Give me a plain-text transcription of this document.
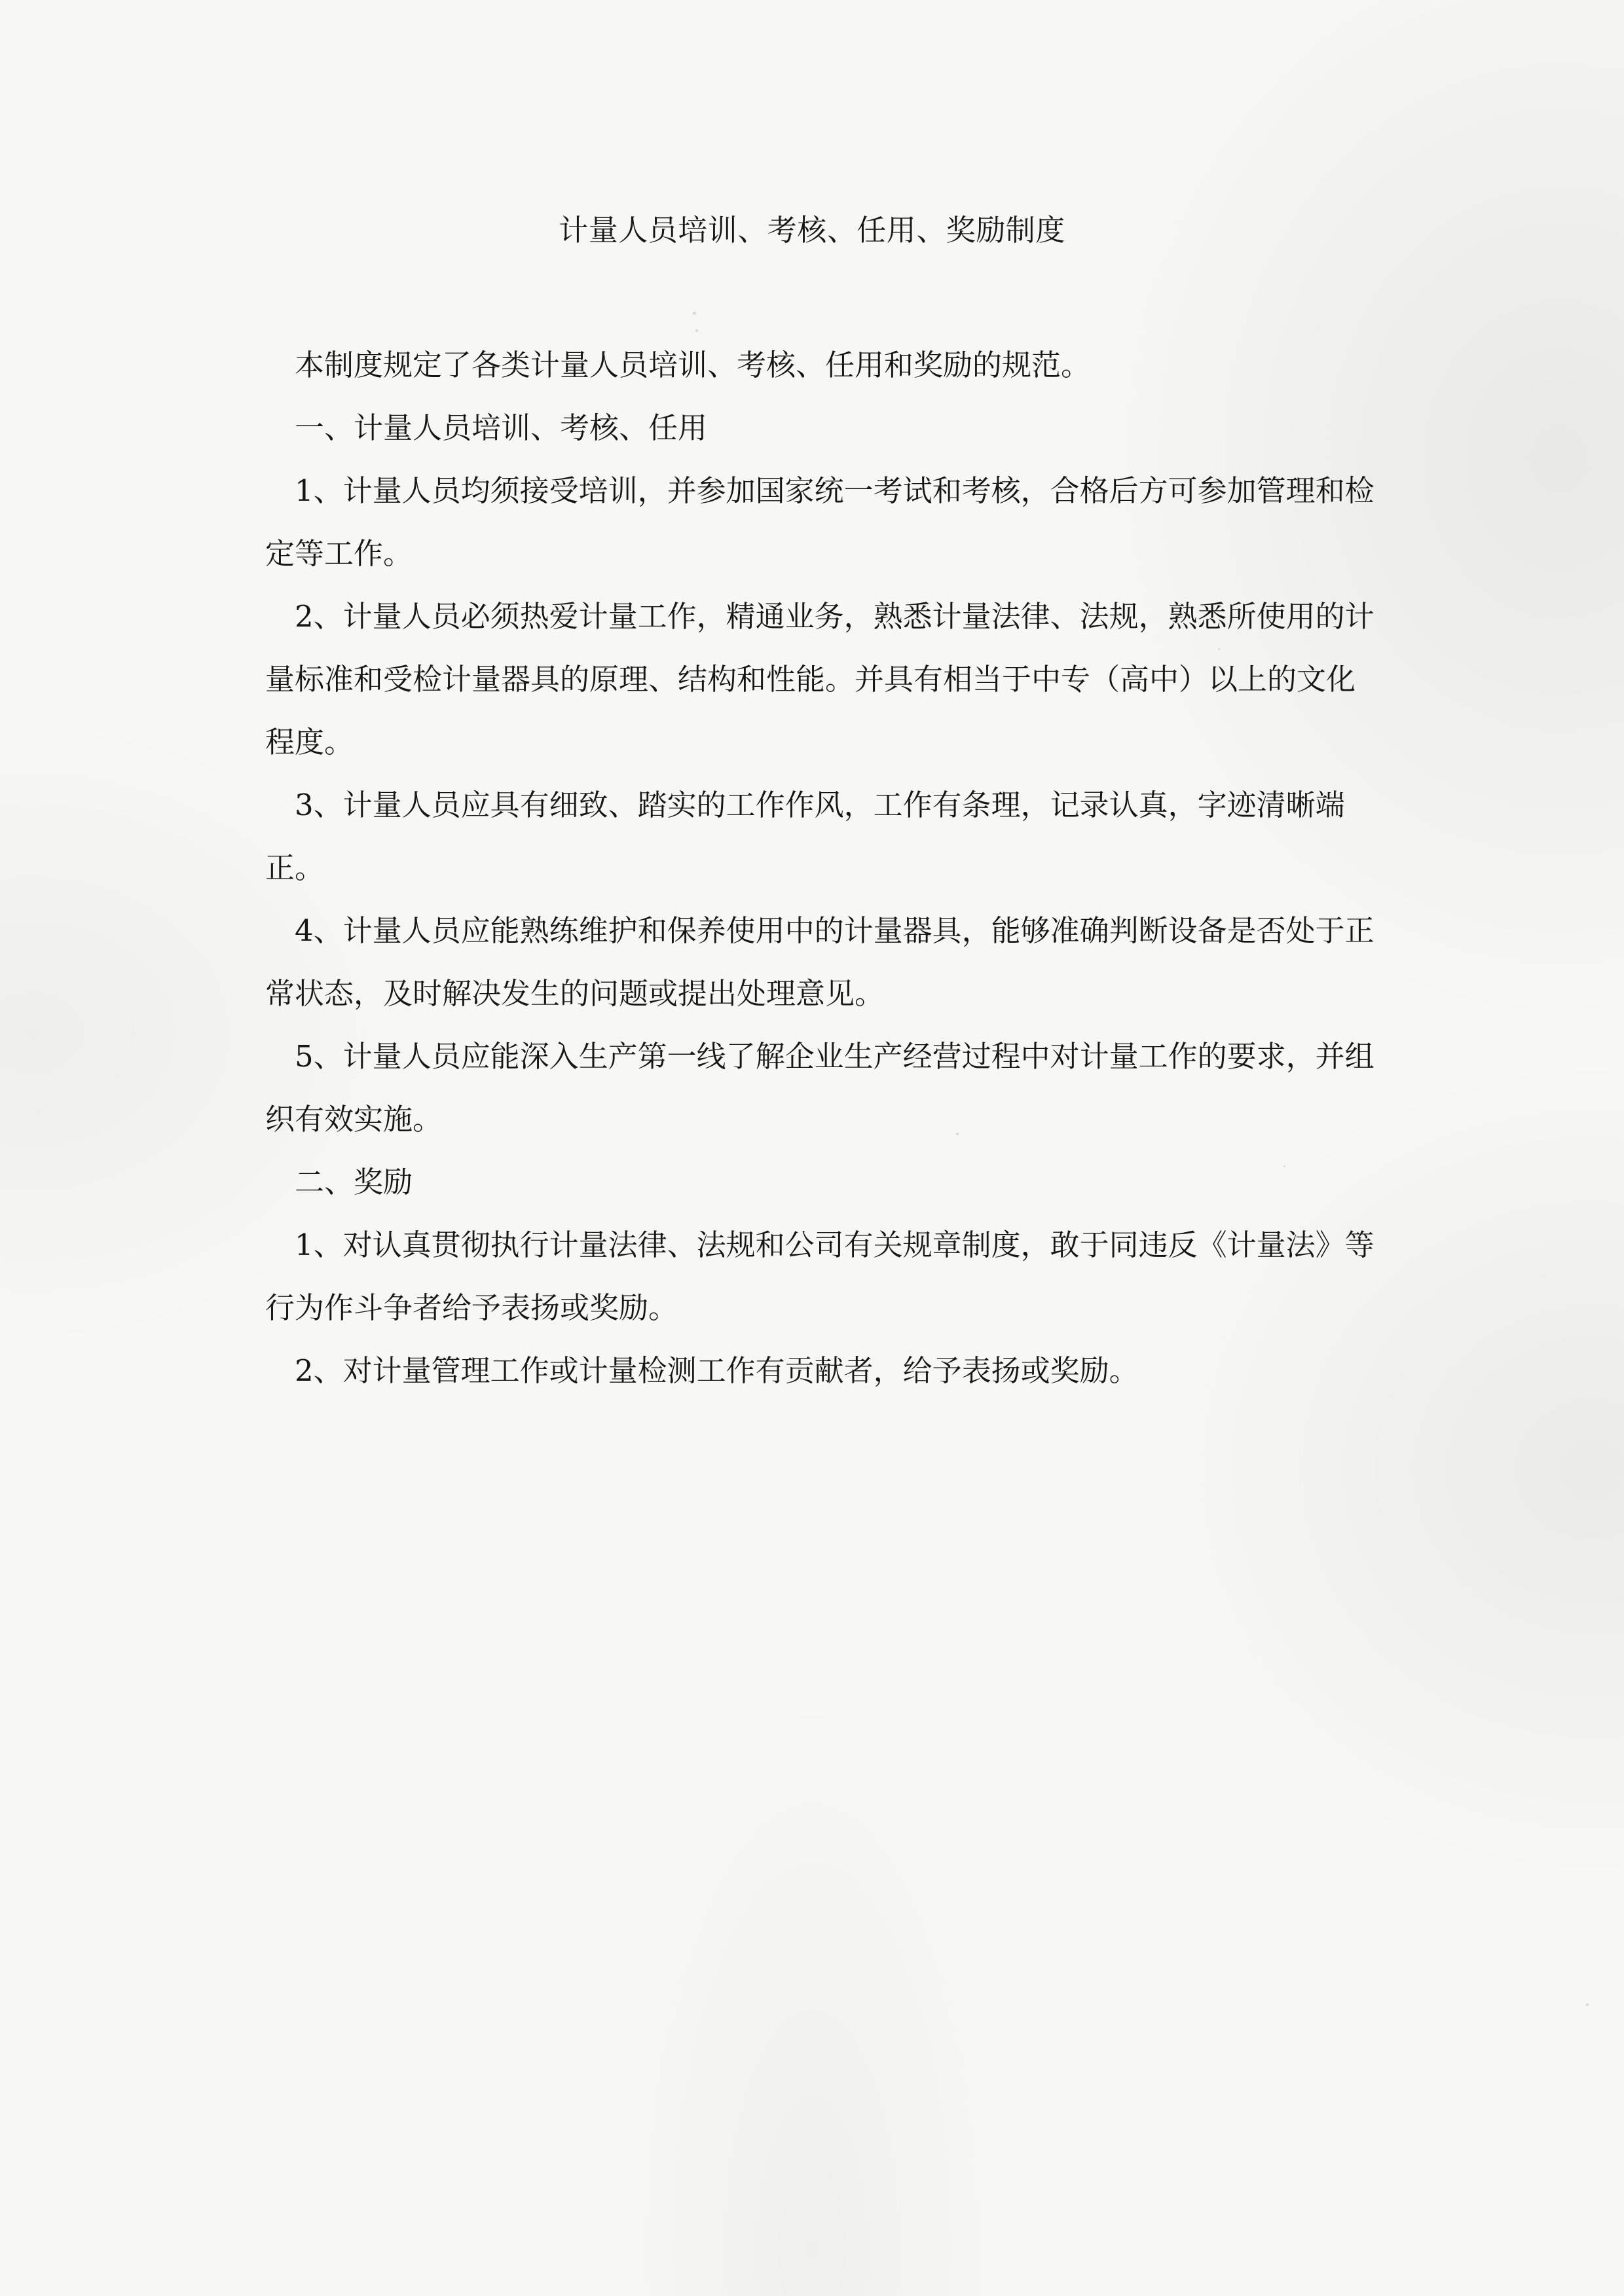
计量人员培训、考核、任用、奖励制度

本制度规定了各类计量人员培训、考核、任用和奖励的规范。

一、计量人员培训、考核、任用

1、计量人员均须接受培训，并参加国家统一考试和考核，合格后方可参加管理和检定等工作。

2、计量人员必须热爱计量工作，精通业务，熟悉计量法律、法规，熟悉所使用的计量标准和受检计量器具的原理、结构和性能。并具有相当于中专（高中）以上的文化程度。

3、计量人员应具有细致、踏实的工作作风，工作有条理，记录认真，字迹清晰端正。

4、计量人员应能熟练维护和保养使用中的计量器具，能够准确判断设备是否处于正常状态，及时解决发生的问题或提出处理意见。

5、计量人员应能深入生产第一线了解企业生产经营过程中对计量工作的要求，并组织有效实施。

二、奖励

1、对认真贯彻执行计量法律、法规和公司有关规章制度，敢于同违反《计量法》等行为作斗争者给予表扬或奖励。

2、对计量管理工作或计量检测工作有贡献者，给予表扬或奖励。
